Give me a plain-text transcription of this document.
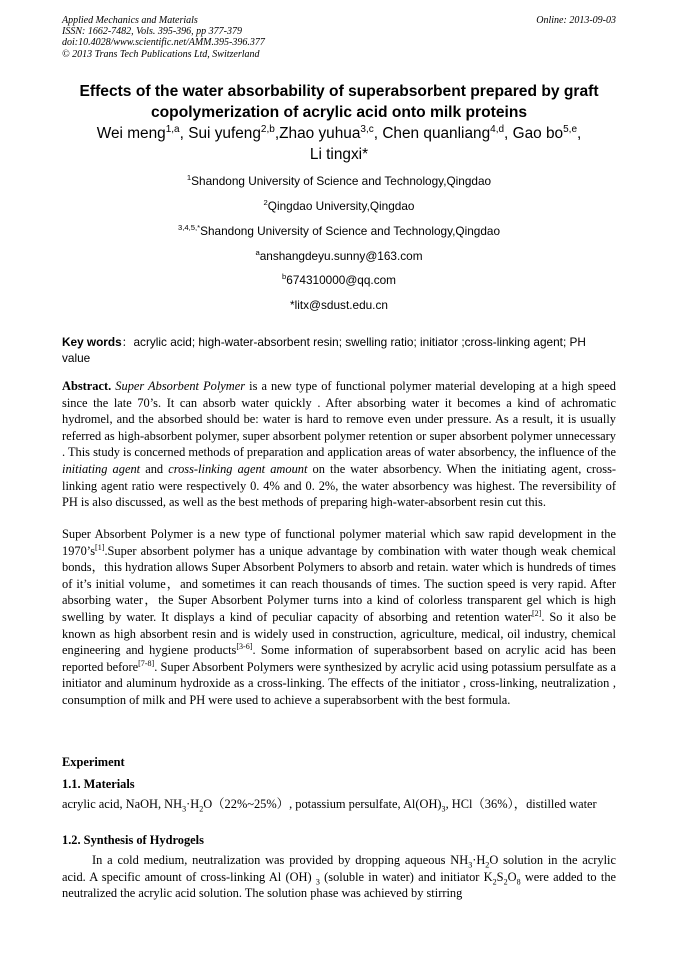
Applied Mechanics and Materials
ISSN: 1662-7482, Vols. 395-396, pp 377-379
doi:10.4028/www.scientific.net/AMM.395-396.377
© 2013 Trans Tech Publications Ltd, Switzerland
Online: 2013-09-03
Effects of the water absorbability of superabsorbent prepared by graft
copolymerization of acrylic acid onto milk proteins
Wei meng$^{1,a}$, Sui yufeng$^{2,b}$,Zhao yuhua$^{3,c}$, Chen quanliang$^{4,d}$, Gao bo$^{5,e}$,
Li tingxi*
$^1$Shandong University of Science and Technology,Qingdao
$^2$Qingdao University,Qingdao
$^{3,4,5,*}$Shandong University of Science and Technology,Qingdao
$^a$anshangdeyu.sunny@163.com
$^b$674310000@qq.com
*litx@sdust.edu.cn
Key words：acrylic acid; high-water-absorbent resin; swelling ratio; initiator ;cross-linking agent; PH value
Abstract. Super Absorbent Polymer is a new type of functional polymer material developing at a high speed since the late 70’s. It can absorb water quickly . After absorbing water it becomes a kind of achromatic hydromel, and the absorbed should be: water is hard to remove even under pressure. As a result, it is usually referred as high-absorbent polymer, super absorbent polymer retention or super absorbent polymer unnecessary . This study is concerned methods of preparation and application areas of water absorbency, the influence of the initiating agent and cross-linking agent amount on the water absorbency. When the initiating agent, cross-linking agent ratio were respectively 0. 4% and 0. 2%, the water absorbency was highest. The reversibility of PH is also discussed, as well as the best methods of preparing high-water-absorbent resin cut this.
Super Absorbent Polymer is a new type of functional polymer material which saw rapid development in the 1970’s[1].Super absorbent polymer has a unique advantage by combination with water though weak chemical bonds，this hydration allows Super Absorbent Polymers to absorb and retain. water which is hundreds of times of it’s initial volume，and sometimes it can reach thousands of times. The suction speed is very rapid. After absorbing water，the Super Absorbent Polymer turns into a kind of colorless transparent gel which is high swelling by water. It displays a kind of peculiar capacity of absorbing and retention water[2]. So it also be known as high absorbent resin and is widely used in construction, agriculture, medical, oil industry, chemical engineering and hygiene products[3-6]. Some information of superabsorbent based on acrylic acid has been reported before[7-8]. Super Absorbent Polymers were synthesized by acrylic acid using potassium persulfate as a initiator and aluminum hydroxide as a cross-linking. The effects of the initiator , cross-linking, neutralization , consumption of milk and PH were used to achieve a superabsorbent with the best formula.
Experiment
1.1. Materials
acrylic acid, NaOH, $NH_3\cdot H_2O(22\%\sim 25\%)$, potassium persulfate, $Al(OH)_3$, HCl（36%），distilled water
1.2. Synthesis of Hydrogels
In a cold medium, neutralization was provided by dropping aqueous $NH_3\cdot H_2O$ solution in the acrylic acid. A specific amount of cross-linking Al (OH) $_3$ (soluble in water) and initiator $K_2S_2O_8$ were added to the neutralized the acrylic acid solution. The solution phase was achieved by stirring
